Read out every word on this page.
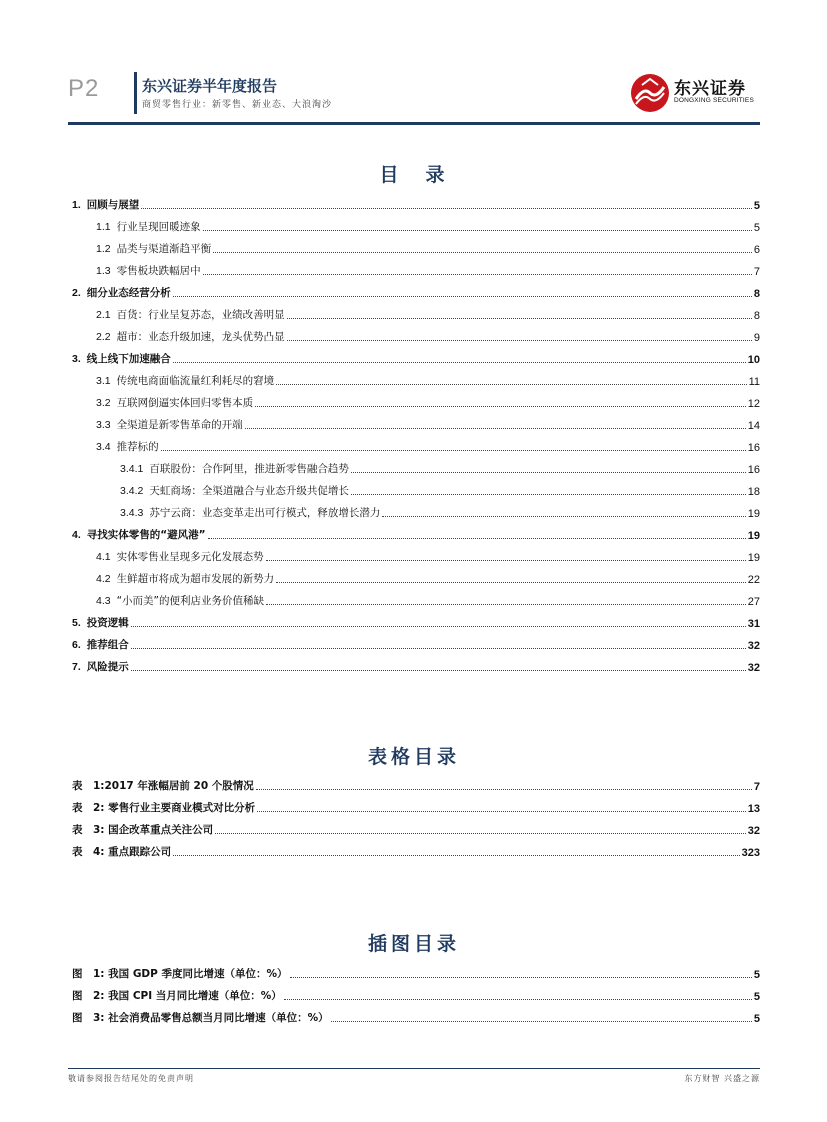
P2	东兴证券半年度报告
商贸零售行业：新零售、新业态、大浪淘沙
东兴证券
DONGXING SECURITIES
目　录
1. 回顾与展望	5
1.1 行业呈现回暖迹象	5
1.2 品类与渠道渐趋平衡	6
1.3 零售板块跌幅居中	7
2. 细分业态经营分析	8
2.1 百货：行业呈复苏态，业绩改善明显	8
2.2 超市：业态升级加速，龙头优势凸显	9
3. 线上线下加速融合	10
3.1 传统电商面临流量红利耗尽的窘境	11
3.2 互联网倒逼实体回归零售本质	12
3.3 全渠道是新零售革命的开端	14
3.4 推荐标的	16
3.4.1 百联股份：合作阿里，推进新零售融合趋势	16
3.4.2 天虹商场：全渠道融合与业态升级共促增长	18
3.4.3 苏宁云商：业态变革走出可行模式，释放增长潜力	19
4. 寻找实体零售的“避风港”	19
4.1 实体零售业呈现多元化发展态势	19
4.2 生鲜超市将成为超市发展的新势力	22
4.3 “小而美”的便利店业务价值稀缺	27
5. 投资逻辑	31
6. 推荐组合	32
7. 风险提示	32
表格目录
表　1:2017 年涨幅居前 20 个股情况	7
表　2: 零售行业主要商业模式对比分析	13
表　3: 国企改革重点关注公司	32
表　4: 重点跟踪公司	323
插图目录
图　1: 我国 GDP 季度同比增速（单位：%）	5
图　2: 我国 CPI 当月同比增速（单位：%）	5
图　3: 社会消费品零售总额当月同比增速（单位：%）	5
敬请参阅报告结尾处的免责声明	东方财智 兴盛之源
